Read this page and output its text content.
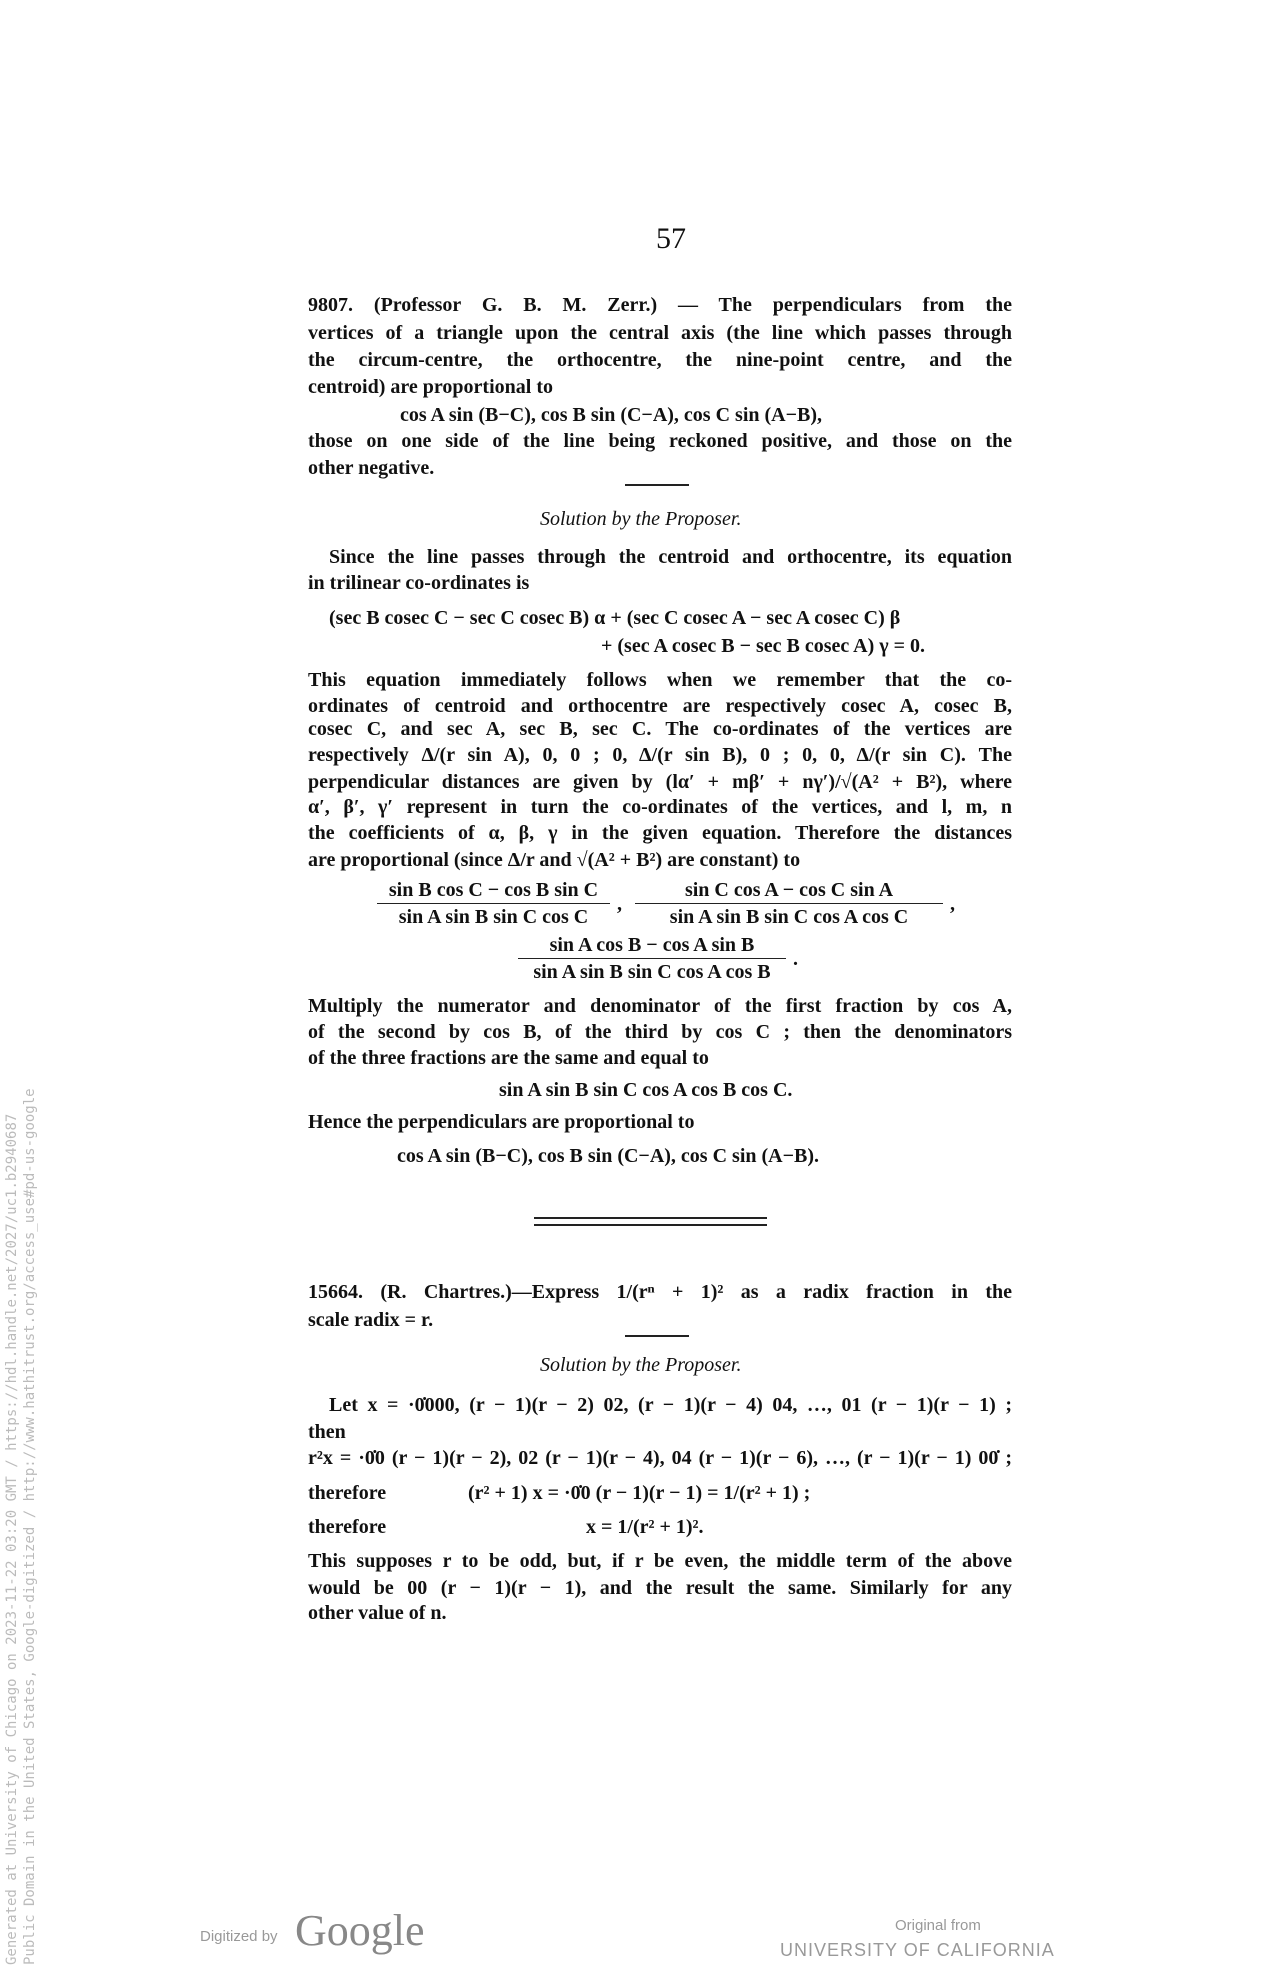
57
9807. (Professor G. B. M. Zerr.) — The perpendiculars from the
vertices of a triangle upon the central axis (the line which passes through
the circum-centre, the orthocentre, the nine-point centre, and the
centroid) are proportional to
cos A sin (B−C), cos B sin (C−A), cos C sin (A−B),
those on one side of the line being reckoned positive, and those on the
other negative.
Solution by the Proposer.
Since the line passes through the centroid and orthocentre, its equation
in trilinear co-ordinates is
(sec B cosec C − sec C cosec B) α + (sec C cosec A − sec A cosec C) β
+ (sec A cosec B − sec B cosec A) γ = 0.
This equation immediately follows when we remember that the co-
ordinates of centroid and orthocentre are respectively cosec A, cosec B,
cosec C, and sec A, sec B, sec C. The co-ordinates of the vertices are
respectively Δ/(r sin A), 0, 0 ; 0, Δ/(r sin B), 0 ; 0, 0, Δ/(r sin C). The
perpendicular distances are given by (lα′ + mβ′ + nγ′)/√(A² + B²), where
α′, β′, γ′ represent in turn the co-ordinates of the vertices, and l, m, n
the coefficients of α, β, γ in the given equation. Therefore the distances
are proportional (since Δ/r and √(A² + B²) are constant) to
Multiply the numerator and denominator of the first fraction by cos A,
of the second by cos B, of the third by cos C ; then the denominators
of the three fractions are the same and equal to
sin A sin B sin C cos A cos B cos C.
Hence the perpendiculars are proportional to
cos A sin (B−C), cos B sin (C−A), cos C sin (A−B).
15664. (R. Chartres.)—Express 1/(rⁿ + 1)² as a radix fraction in the
scale radix = r.
Solution by the Proposer.
Let x = ·0̇000, (r − 1)(r − 2) 02, (r − 1)(r − 4) 04, …, 01 (r − 1)(r − 1) ;
then
r²x = ·0̇0 (r − 1)(r − 2), 02 (r − 1)(r − 4), 04 (r − 1)(r − 6), …, (r − 1)(r − 1) 00̇ ;
therefore	(r² + 1) x = ·0̇0 (r − 1)(r − 1) = 1/(r² + 1) ;
therefore	x = 1/(r² + 1)².
This supposes r to be odd, but, if r be even, the middle term of the above
would be 00 (r − 1)(r − 1), and the result the same. Similarly for any
other value of n.
sin B cos C − cos B sin C
sin A sin B sin C cos C
,
sin C cos A − cos C sin A
sin A sin B sin C cos A cos C
,
sin A cos B − cos A sin B
sin A sin B sin C cos A cos B
.
Generated at University of Chicago on 2023-11-22 03:20 GMT / https://hdl.handle.net/2027/uc1.b2940687 Public Domain in the United States, Google-digitized / http://www.hathitrust.org/access_use#pd-us-google	Digitized by Google	Original from
UNIVERSITY OF CALIFORNIA
